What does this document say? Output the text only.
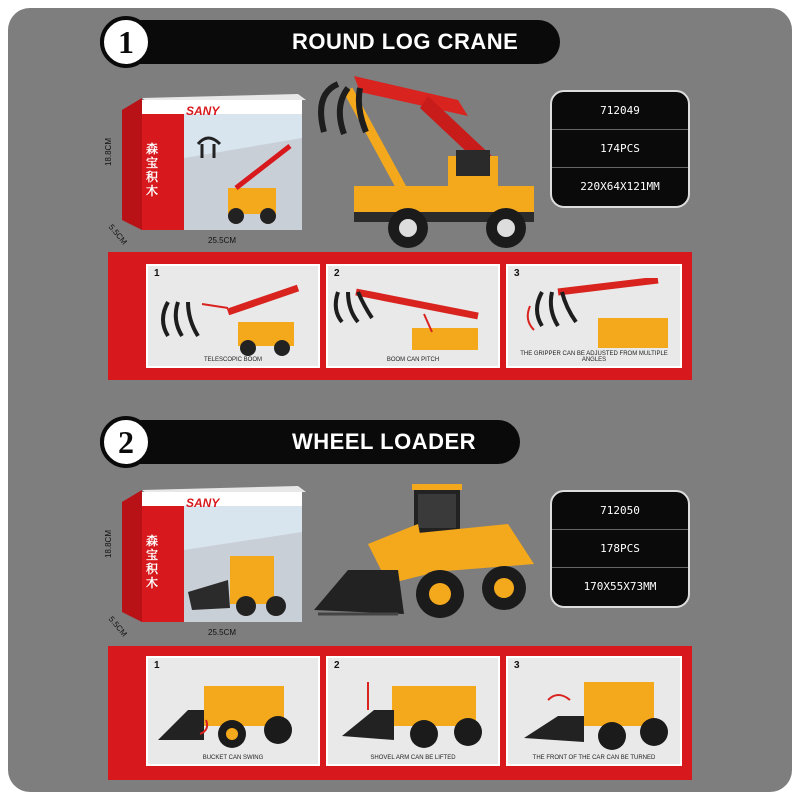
1	ROUND LOG CRANE
SANY
森宝积木
18.8CM
5.5CM	25.5CM
712049
174PCS
220X64X121MM
1
TELESCOPIC BOOM
2
BOOM CAN PITCH
3
THE GRIPPER CAN BE ADJUSTED FROM MULTIPLE ANGLES
2	WHEEL LOADER
SANY
森宝积木
18.8CM
5.5CM	25.5CM
712050
178PCS
170X55X73MM
1
BUCKET CAN SWING
2
SHOVEL ARM CAN BE LIFTED
3
THE FRONT OF THE CAR CAN BE TURNED
